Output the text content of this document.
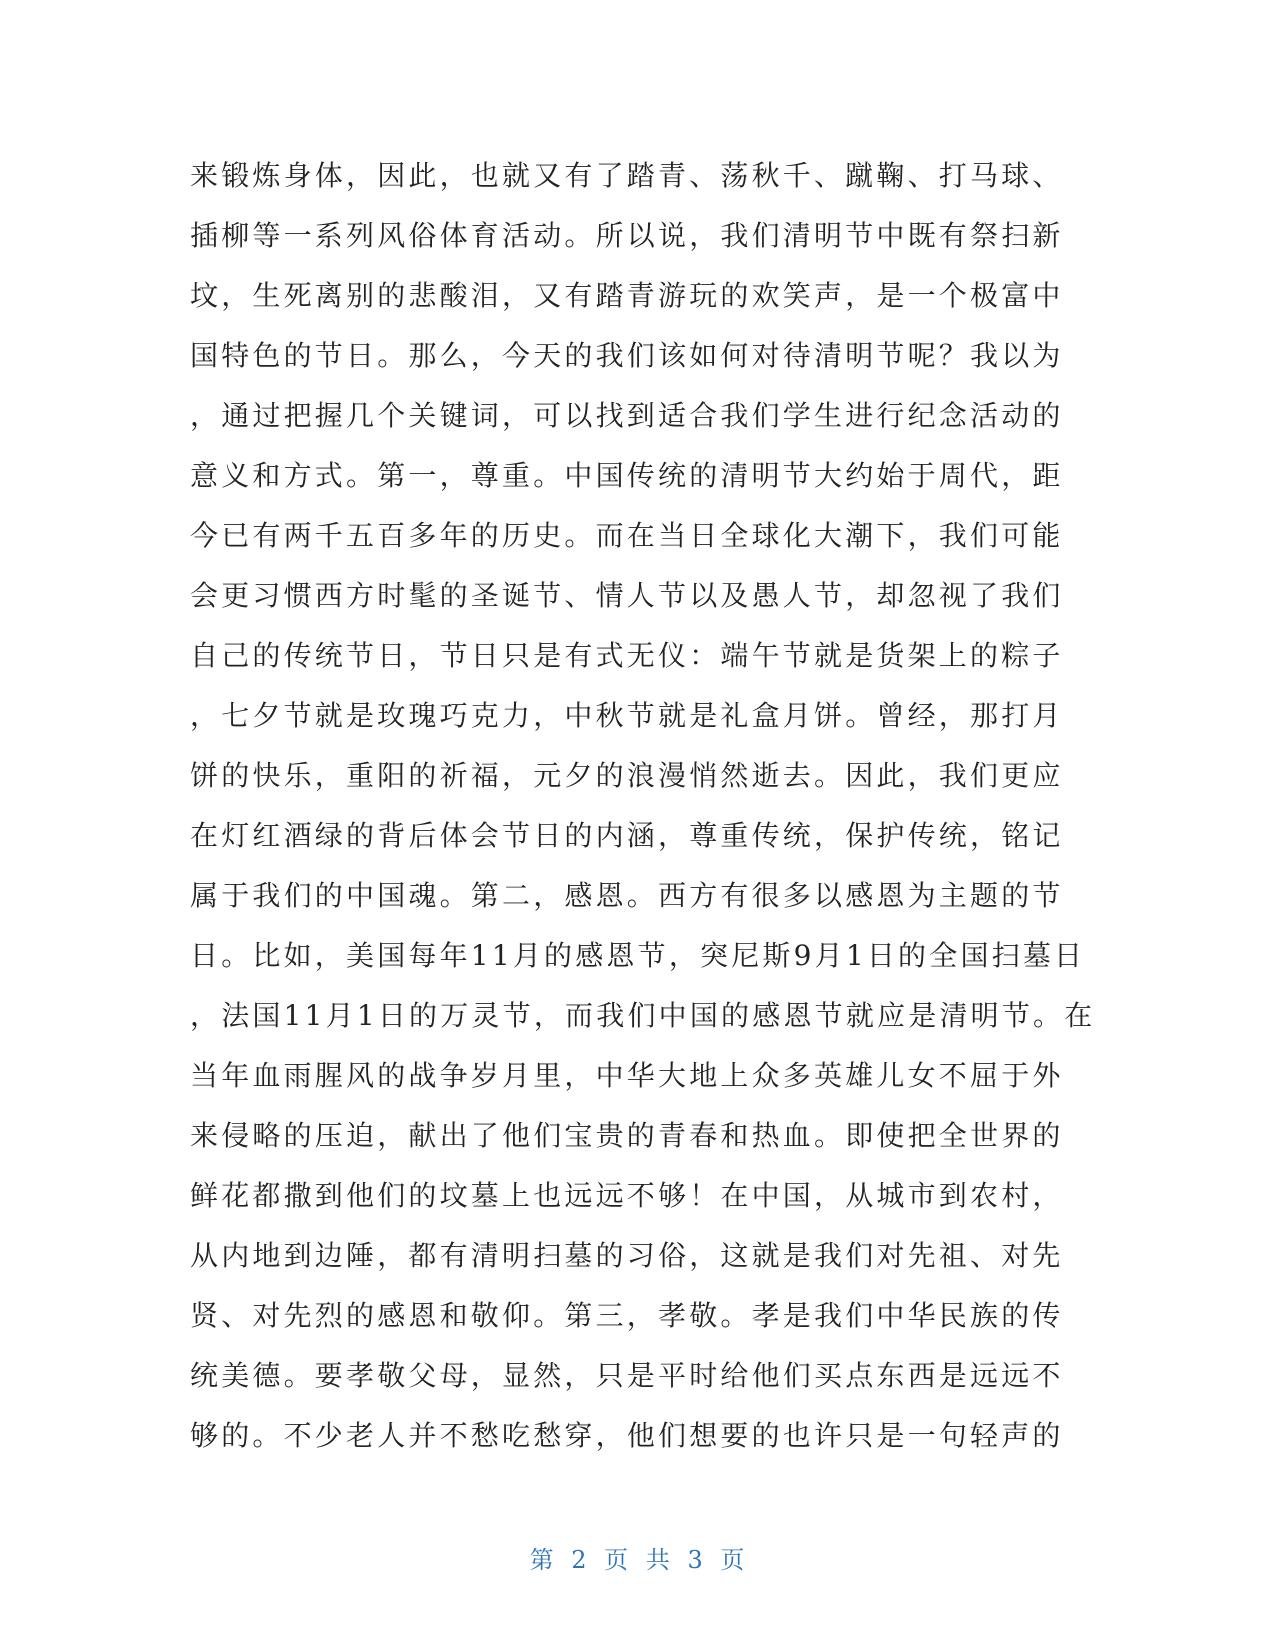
来锻炼身体，因此，也就又有了踏青、荡秋千、蹴鞠、打马球、
插柳等一系列风俗体育活动。所以说，我们清明节中既有祭扫新
坟，生死离别的悲酸泪，又有踏青游玩的欢笑声，是一个极富中
国特色的节日。那么，今天的我们该如何对待清明节呢？我以为
，通过把握几个关键词，可以找到适合我们学生进行纪念活动的
意义和方式。第一，尊重。中国传统的清明节大约始于周代，距
今已有两千五百多年的历史。而在当日全球化大潮下，我们可能
会更习惯西方时髦的圣诞节、情人节以及愚人节，却忽视了我们
自己的传统节日，节日只是有式无仪：端午节就是货架上的粽子
，七夕节就是玫瑰巧克力，中秋节就是礼盒月饼。曾经，那打月
饼的快乐，重阳的祈福，元夕的浪漫悄然逝去。因此，我们更应
在灯红酒绿的背后体会节日的内涵，尊重传统，保护传统，铭记
属于我们的中国魂。第二，感恩。西方有很多以感恩为主题的节
日。比如，美国每年11月的感恩节，突尼斯9月1日的全国扫墓日
，法国11月1日的万灵节，而我们中国的感恩节就应是清明节。在
当年血雨腥风的战争岁月里，中华大地上众多英雄儿女不屈于外
来侵略的压迫，献出了他们宝贵的青春和热血。即使把全世界的
鲜花都撒到他们的坟墓上也远远不够！在中国，从城市到农村，
从内地到边陲，都有清明扫墓的习俗，这就是我们对先祖、对先
贤、对先烈的感恩和敬仰。第三，孝敬。孝是我们中华民族的传
统美德。要孝敬父母，显然，只是平时给他们买点东西是远远不
够的。不少老人并不愁吃愁穿，他们想要的也许只是一句轻声的
第 2 页 共 3 页
